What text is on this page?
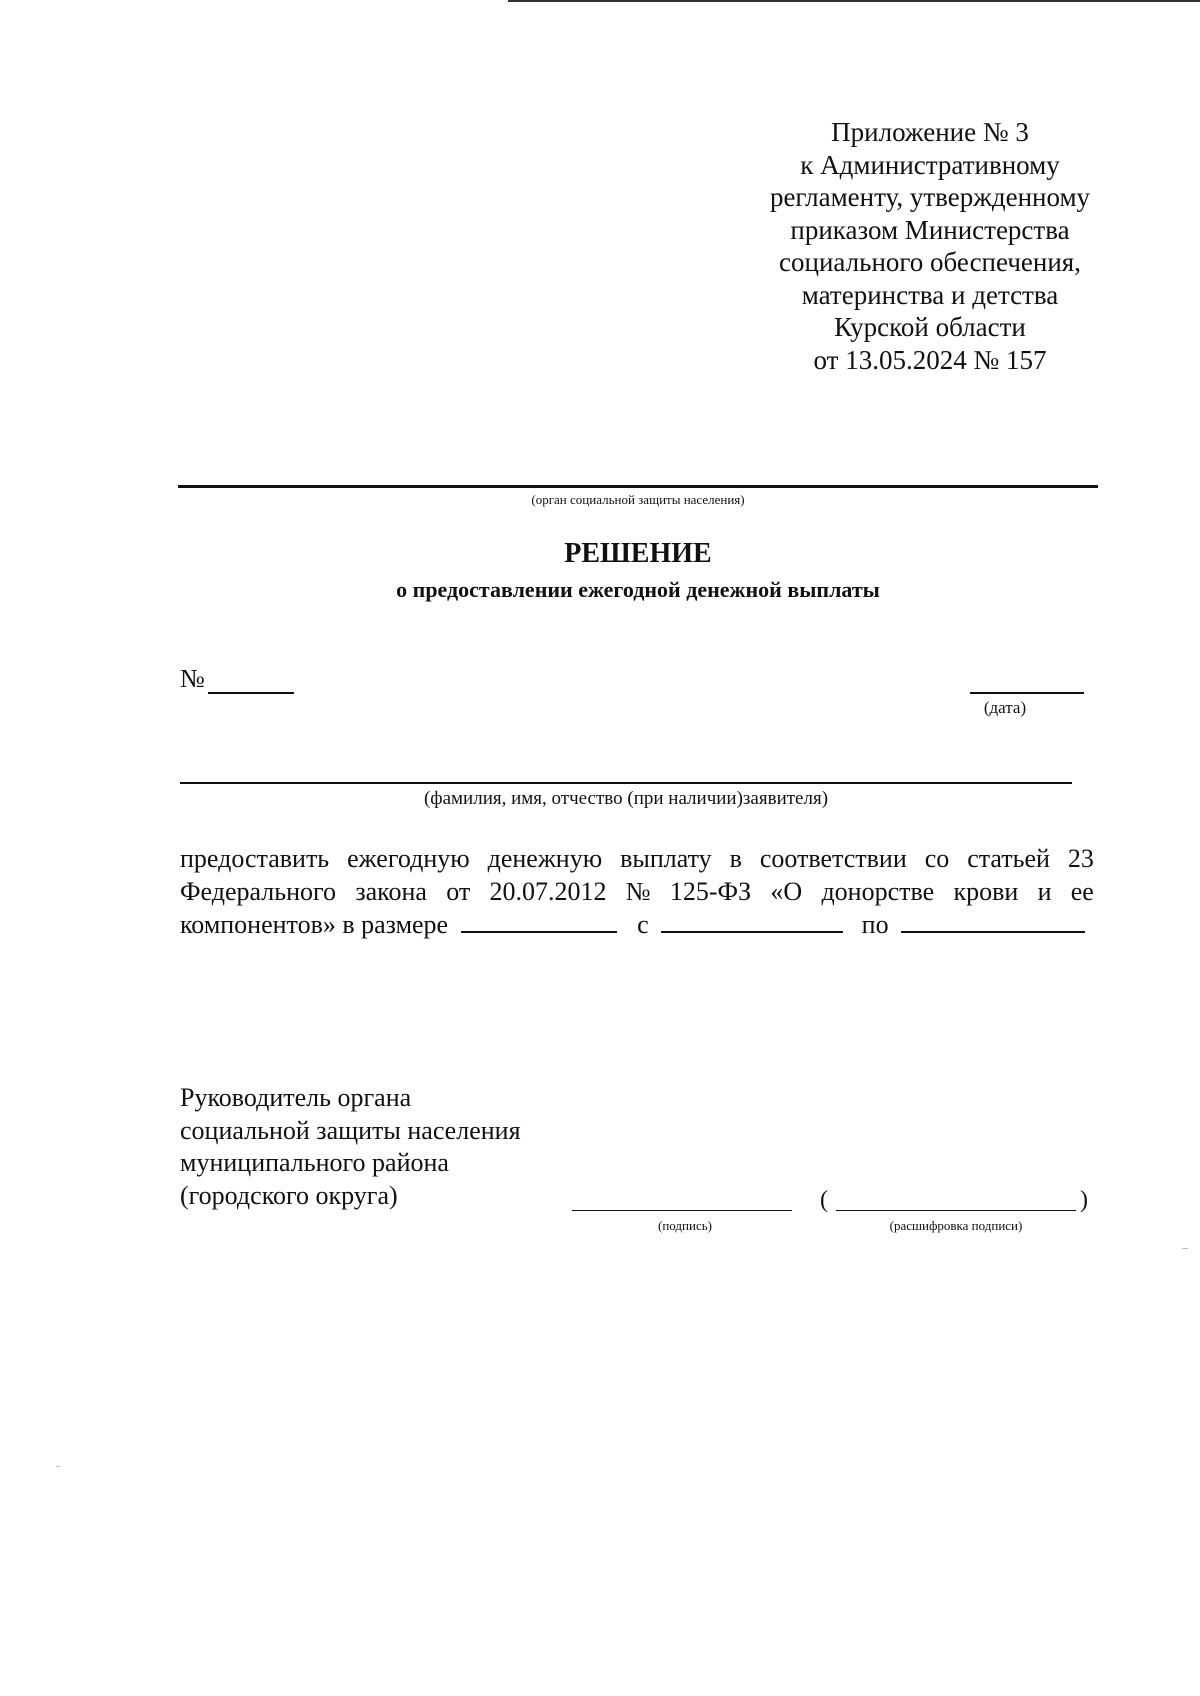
Приложение № 3
к Административному
регламенту, утвержденному
приказом Министерства
социального обеспечения,
материнства и детства
Курской области
от 13.05.2024 № 157
(орган социальной защиты населения)
РЕШЕНИЕ
о предоставлении ежегодной денежной выплаты
№
(дата)
(фамилия, имя, отчество (при наличии)заявителя)
предоставить ежегодную денежную выплату в соответствии со статьей 23
Федерального закона от 20.07.2012 № 125-ФЗ «О донорстве крови и ее
компонентов» в размере	с	по
Руководитель органа
социальной защиты населения
муниципального района
(городского округа)
(подпись)
(	)
(расшифровка подписи)
